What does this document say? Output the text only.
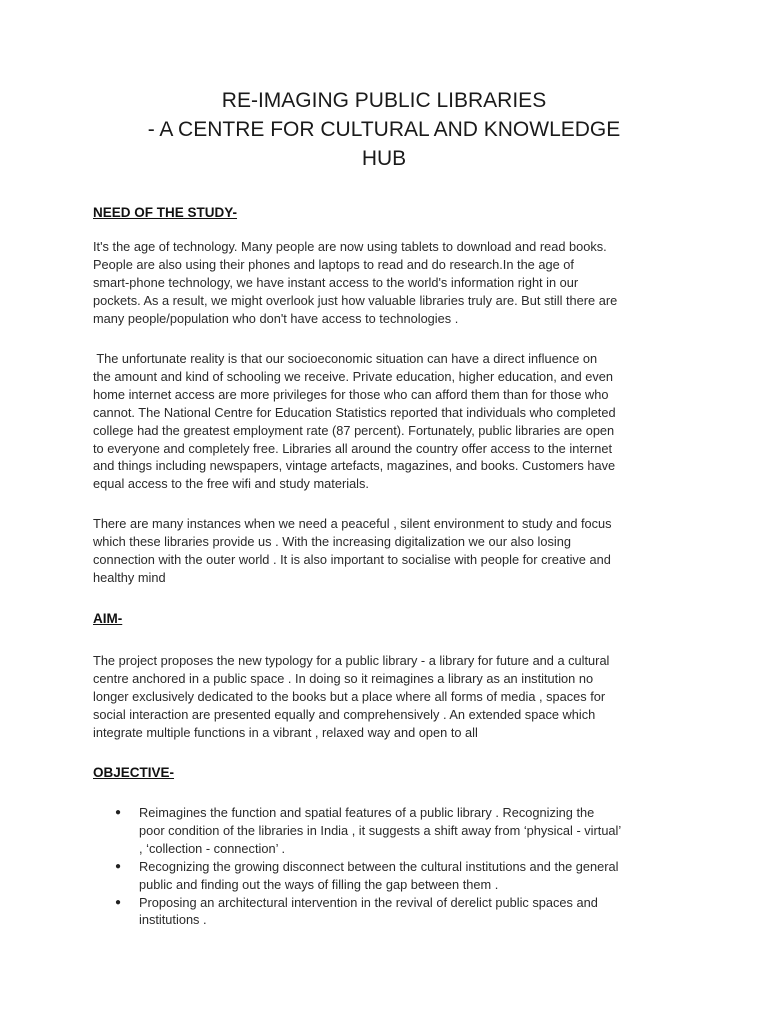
RE-IMAGING PUBLIC LIBRARIES
- A CENTRE FOR CULTURAL AND KNOWLEDGE
HUB
NEED OF THE STUDY-
It's the age of technology. Many people are now using tablets to download and read books.
People are also using their phones and laptops to read and do research.In the age of
smart-phone technology, we have instant access to the world's information right in our
pockets. As a result, we might overlook just how valuable libraries truly are. But still there are
many people/population who don't have access to technologies .
The unfortunate reality is that our socioeconomic situation can have a direct influence on
the amount and kind of schooling we receive. Private education, higher education, and even
home internet access are more privileges for those who can afford them than for those who
cannot. The National Centre for Education Statistics reported that individuals who completed
college had the greatest employment rate (87 percent). Fortunately, public libraries are open
to everyone and completely free. Libraries all around the country offer access to the internet
and things including newspapers, vintage artefacts, magazines, and books. Customers have
equal access to the free wifi and study materials.
There are many instances when we need a peaceful , silent environment to study and focus
which these libraries provide us . With the increasing digitalization we our also losing
connection with the outer world . It is also important to socialise with people for creative and
healthy mind
AIM-
The project proposes the new typology for a public library - a library for future and a cultural
centre anchored in a public space . In doing so it reimagines a library as an institution no
longer exclusively dedicated to the books but a place where all forms of media , spaces for
social interaction are presented equally and comprehensively . An extended space which
integrate multiple functions in a vibrant , relaxed way and open to all
OBJECTIVE-
● Reimagines the function and spatial features of a public library . Recognizing the
poor condition of the libraries in India , it suggests a shift away from ‘physical - virtual’
, ‘collection - connection’ .
● Recognizing the growing disconnect between the cultural institutions and the general
public and finding out the ways of filling the gap between them .
● Proposing an architectural intervention in the revival of derelict public spaces and
institutions .
